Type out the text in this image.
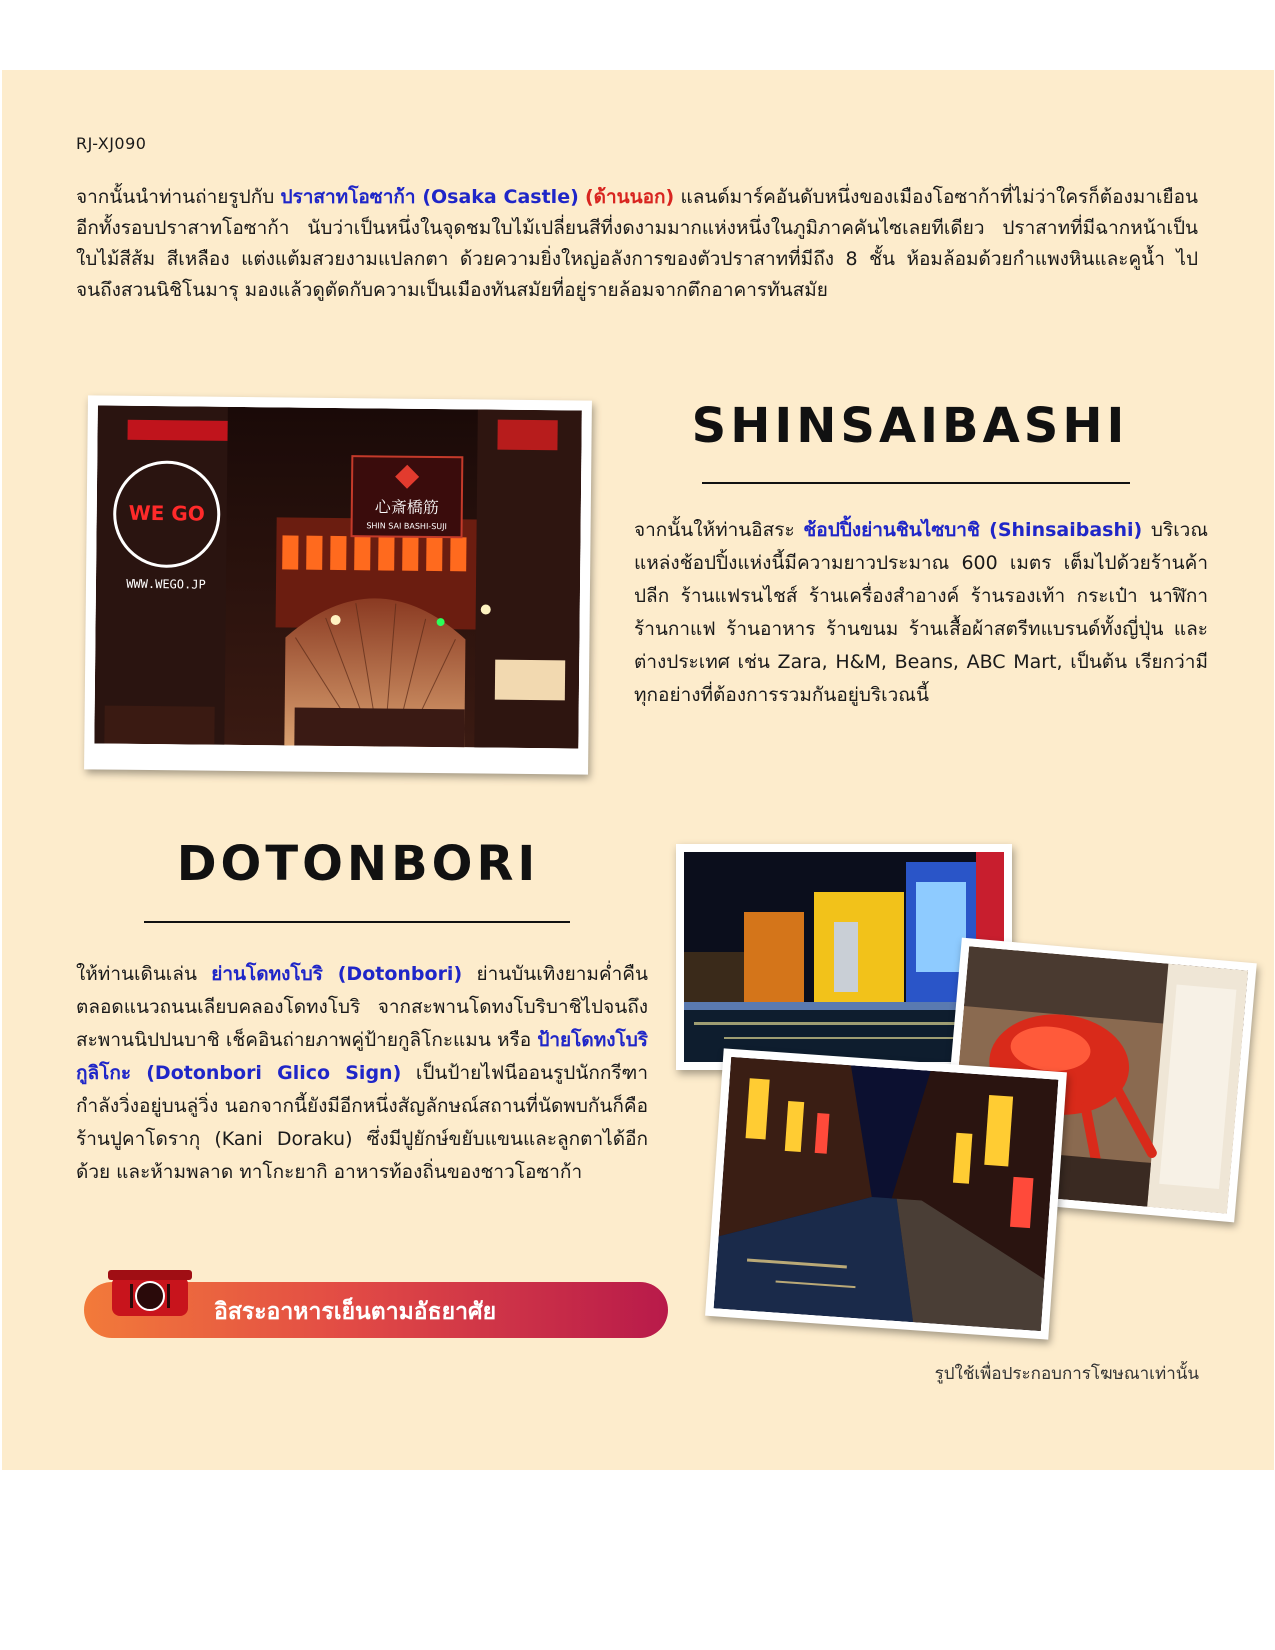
RJ-XJ090

จากนั้นนำท่านถ่ายรูปกับ ปราสาทโอซาก้า (Osaka Castle) (ด้านนอก) แลนด์มาร์คอันดับหนึ่งของเมืองโอซาก้าที่ไม่ว่าใครก็ต้องมาเยือน อีกทั้งรอบปราสาทโอซาก้า นับว่าเป็นหนึ่งในจุดชมใบไม้เปลี่ยนสีที่งดงามมากแห่งหนึ่งในภูมิภาคคันไซเลยทีเดียว ปราสาทที่มีฉากหน้าเป็นใบไม้สีส้ม สีเหลือง แต่งแต้มสวยงามแปลกตา ด้วยความยิ่งใหญ่อลังการของตัวปราสาทที่มีถึง 8 ชั้น ห้อมล้อมด้วยกำแพงหินและคูน้ำ ไปจนถึงสวนนิชิโนมารุ มองแล้วดูตัดกับความเป็นเมืองทันสมัยที่อยู่รายล้อมจากตึกอาคารทันสมัย

心斎橋筋
SHIN SAI BASHI-SUJI
WE GO
WWW.WEGO.JP
SHINSAIBASHI

จากนั้นให้ท่านอิสระ ช้อปปิ้งย่านชินไซบาชิ (Shinsaibashi) บริเวณแหล่งช้อปปิ้งแห่งนี้มีความยาวประมาณ 600 เมตร เต็มไปด้วยร้านค้าปลีก ร้านแฟรนไชส์ ร้านเครื่องสำอางค์ ร้านรองเท้า กระเป๋า นาฬิกา ร้านกาแฟ ร้านอาหาร ร้านขนม ร้านเสื้อผ้าสตรีทแบรนด์ทั้งญี่ปุ่น และต่างประเทศ เช่น Zara, H&M, Beans, ABC Mart, เป็นต้น เรียกว่ามีทุกอย่างที่ต้องการรวมกันอยู่บริเวณนี้

DOTONBORI

ให้ท่านเดินเล่น ย่านโดทงโบริ (Dotonbori) ย่านบันเทิงยามค่ำคืนตลอดแนวถนนเลียบคลองโดทงโบริ จากสะพานโดทงโบริบาชิไปจนถึงสะพานนิปปนบาชิ เช็คอินถ่ายภาพคู่ป้ายกูลิโกะแมน หรือ ป้ายโดทงโบริกูลิโกะ (Dotonbori Glico Sign) เป็นป้ายไฟนีออนรูปนักกรีฑากำลังวิ่งอยู่บนลู่วิ่ง นอกจากนี้ยังมีอีกหนึ่งสัญลักษณ์สถานที่นัดพบกันก็คือ ร้านปูคาโดรากุ (Kani Doraku) ซึ่งมีปูยักษ์ขยับแขนและลูกตาได้อีกด้วย และห้ามพลาด ทาโกะยากิ อาหารท้องถิ่นของชาวโอซาก้า

อิสระอาหารเย็นตามอัธยาศัย
รูปใช้เพื่อประกอบการโฆษณาเท่านั้น
